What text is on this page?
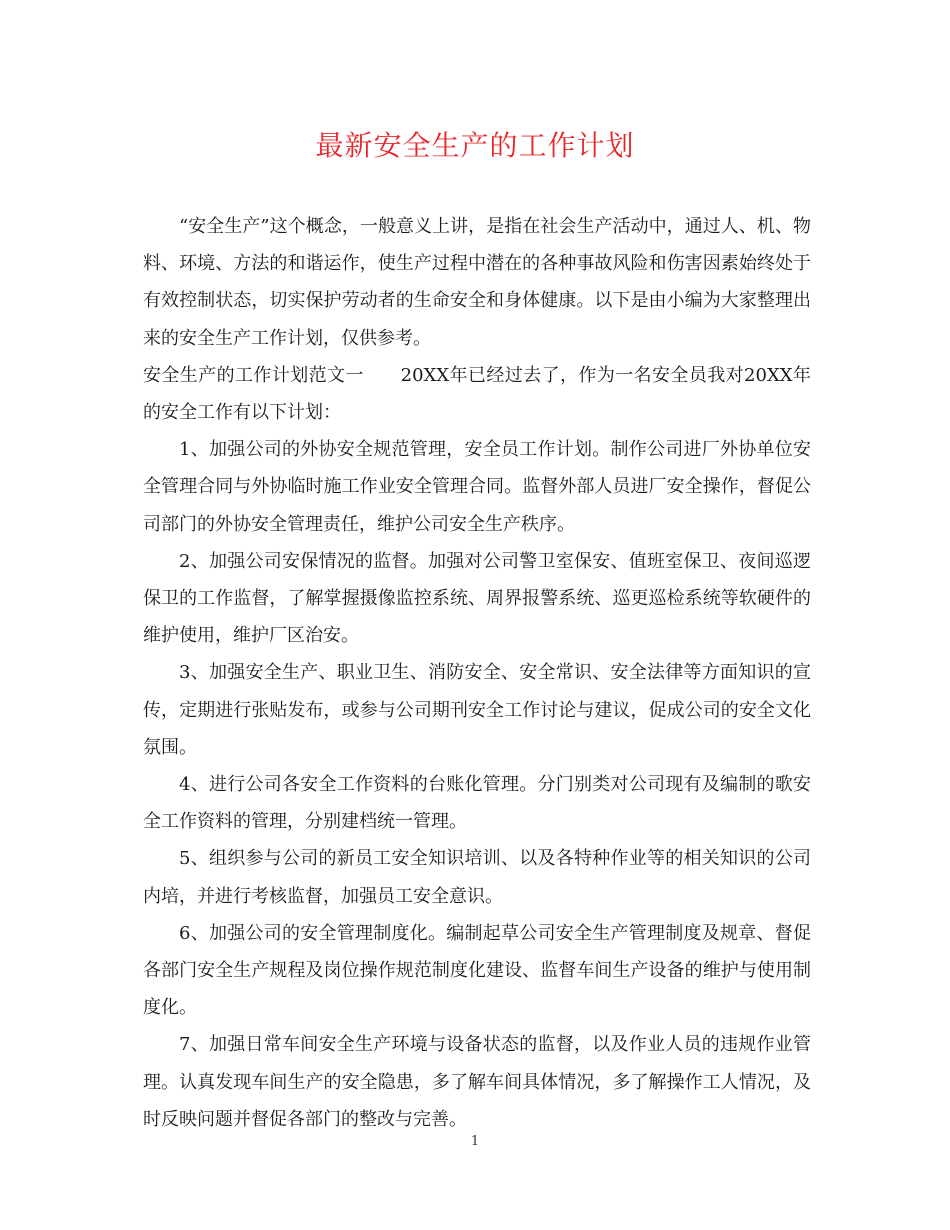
最新安全生产的工作计划

“安全生产”这个概念，一般意义上讲，是指在社会生产活动中，通过人、机、物料、环境、方法的和谐运作，使生产过程中潜在的各种事故风险和伤害因素始终处于有效控制状态，切实保护劳动者的生命安全和身体健康。以下是由小编为大家整理出来的安全生产工作计划，仅供参考。

安全生产的工作计划范文一　　20XX年已经过去了，作为一名安全员我对20XX年的安全工作有以下计划：

1、加强公司的外协安全规范管理，安全员工作计划。制作公司进厂外协单位安全管理合同与外协临时施工作业安全管理合同。监督外部人员进厂安全操作，督促公司部门的外协安全管理责任，维护公司安全生产秩序。

2、加强公司安保情况的监督。加强对公司警卫室保安、值班室保卫、夜间巡逻保卫的工作监督，了解掌握摄像监控系统、周界报警系统、巡更巡检系统等软硬件的维护使用，维护厂区治安。

3、加强安全生产、职业卫生、消防安全、安全常识、安全法律等方面知识的宣传，定期进行张贴发布，或参与公司期刊安全工作讨论与建议，促成公司的安全文化氛围。

4、进行公司各安全工作资料的台账化管理。分门别类对公司现有及编制的歌安全工作资料的管理，分别建档统一管理。

5、组织参与公司的新员工安全知识培训、以及各特种作业等的相关知识的公司内培，并进行考核监督，加强员工安全意识。

6、加强公司的安全管理制度化。编制起草公司安全生产管理制度及规章、督促各部门安全生产规程及岗位操作规范制度化建设、监督车间生产设备的维护与使用制度化。

7、加强日常车间安全生产环境与设备状态的监督，以及作业人员的违规作业管理。认真发现车间生产的安全隐患，多了解车间具体情况，多了解操作工人情况，及时反映问题并督促各部门的整改与完善。

1
